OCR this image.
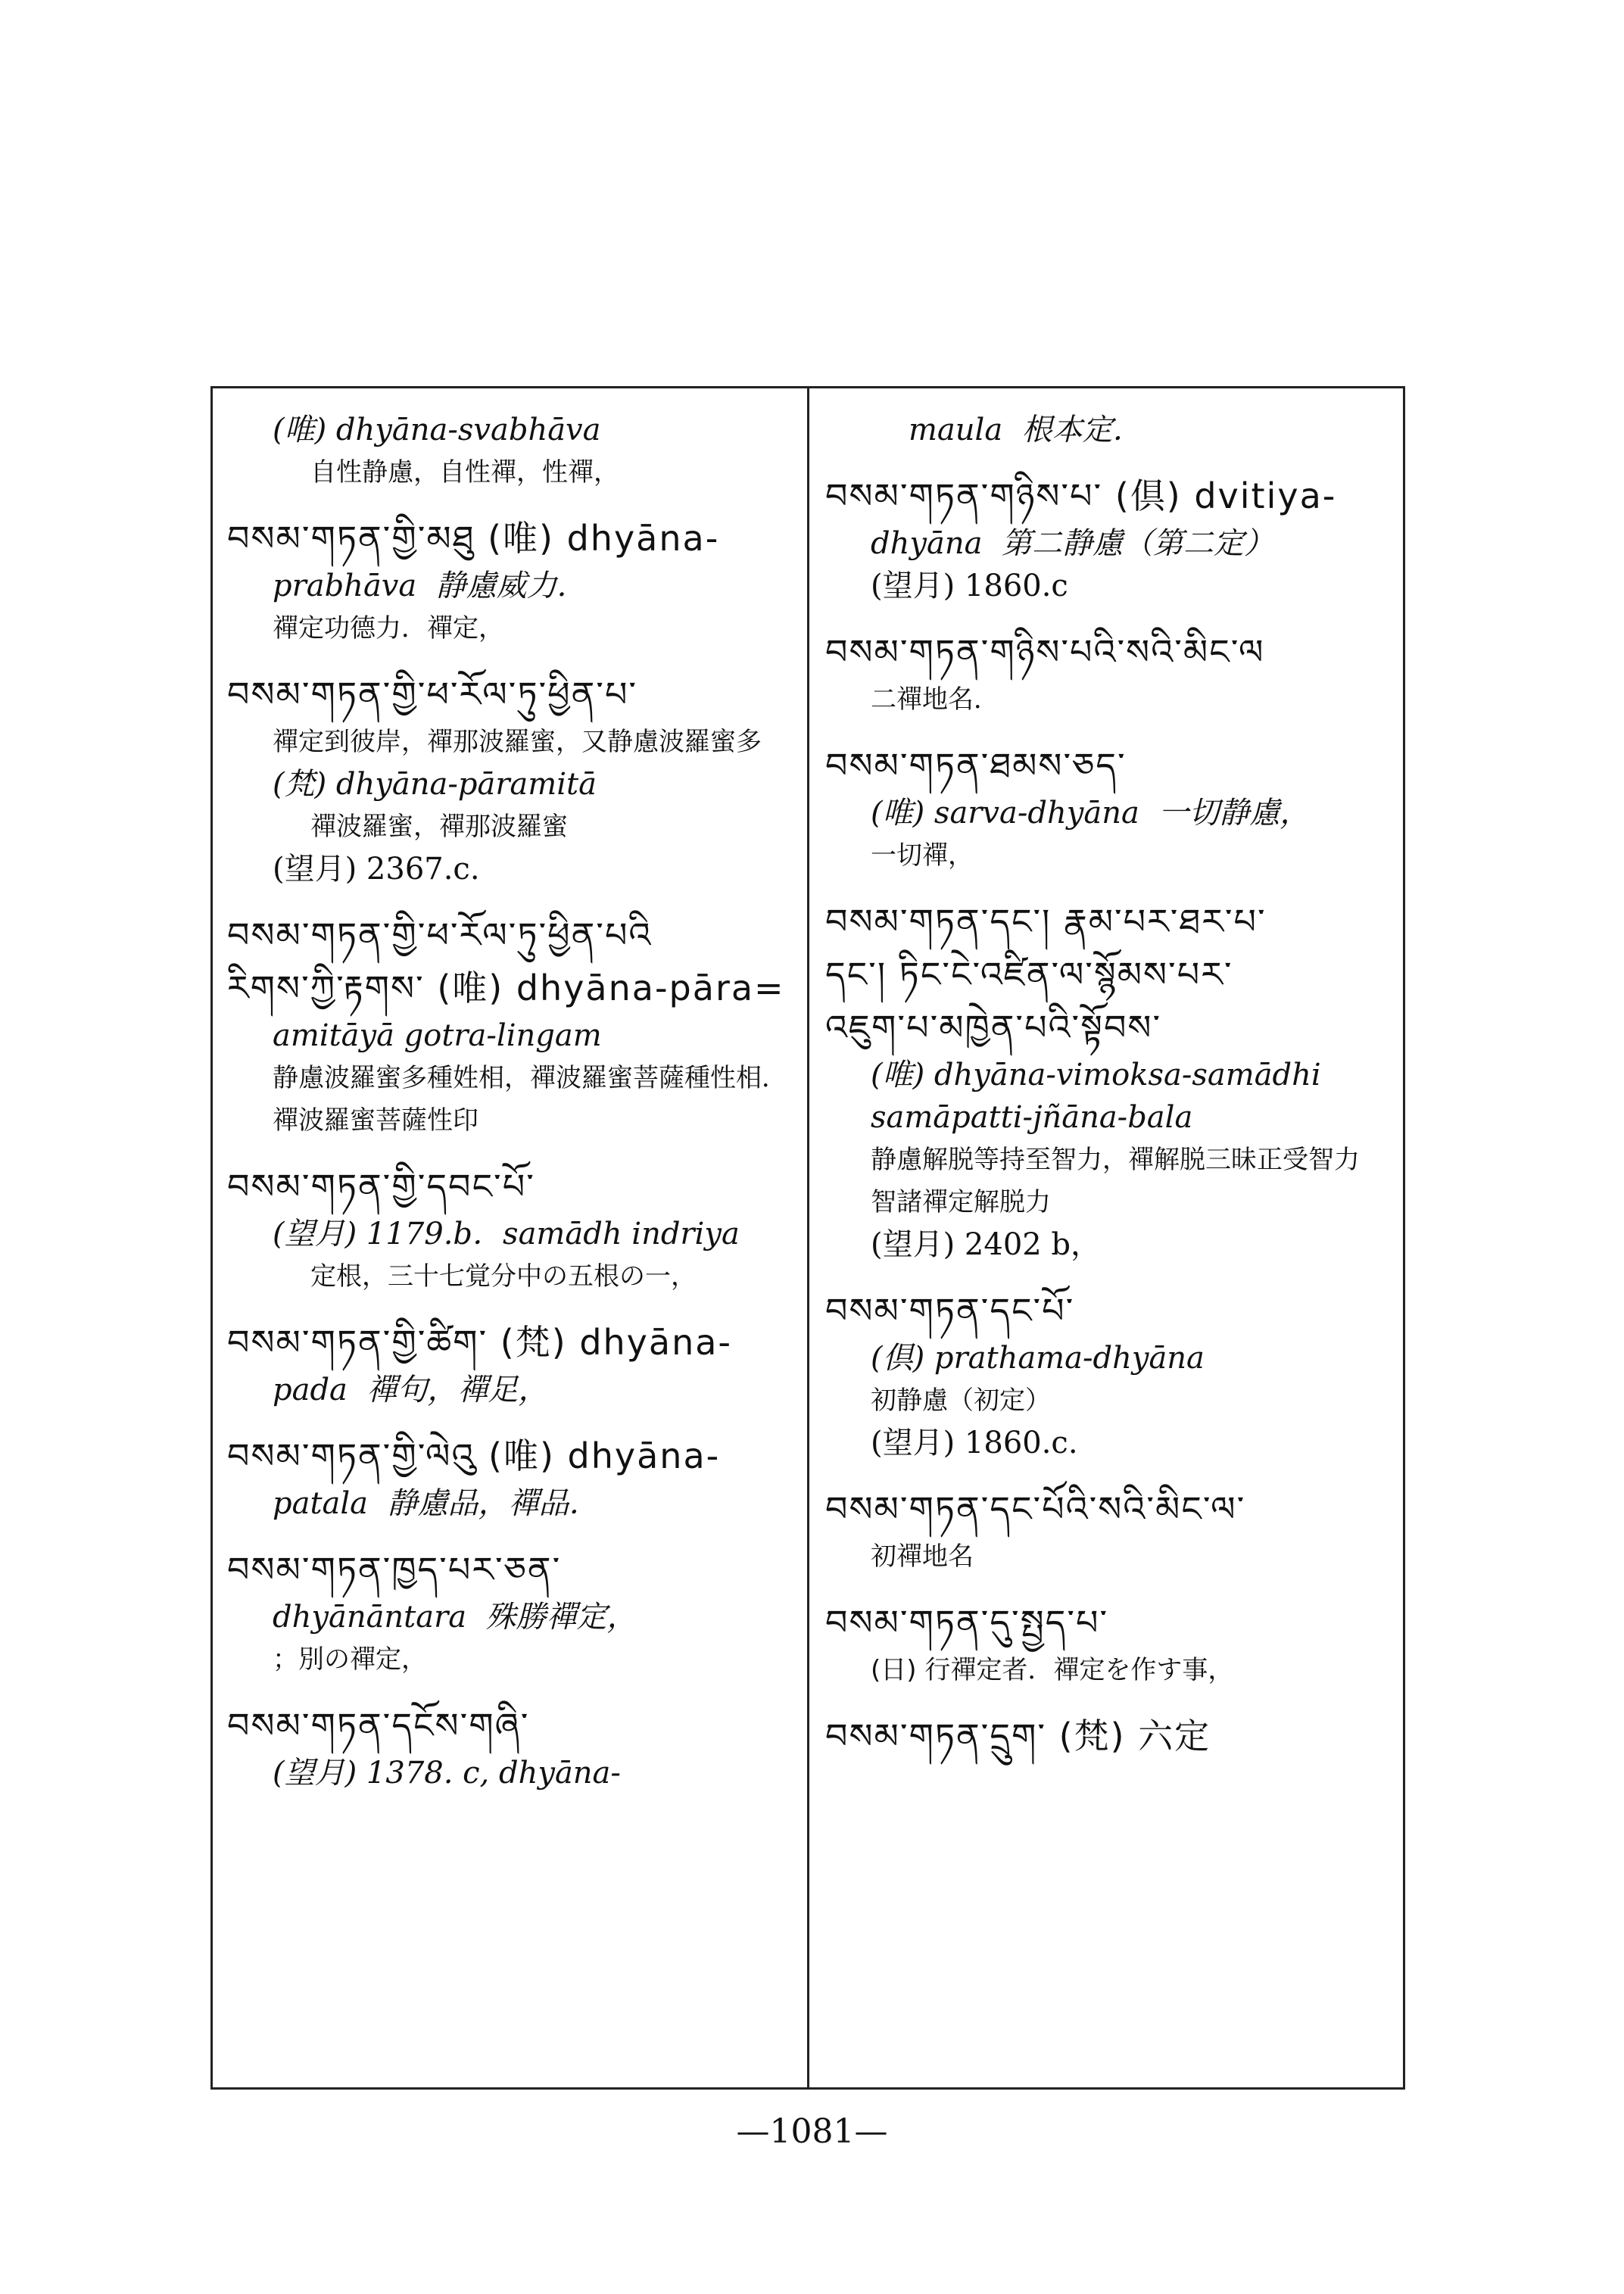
(唯) dhyāna-svabhāva
自性静慮，自性禪，性禪，
བསམ་གཏན་གྱི་མཐུ (唯) dhyāna-
prabhāva  静慮威力.
禪定功德力．禪定，
བསམ་གཏན་གྱི་ཕ་རོལ་ཏུ་ཕྱིན་པ་
禪定到彼岸，禪那波羅蜜，又静慮波羅蜜多
(梵) dhyāna-pāramitā
禪波羅蜜，禪那波羅蜜
(望月) 2367.c.
བསམ་གཏན་གྱི་ཕ་རོལ་ཏུ་ཕྱིན་པའི
རིགས་ཀྱི་རྟགས་ (唯) dhyāna-pāra=
amitāyā gotra-lingam
静慮波羅蜜多種姓相，禪波羅蜜菩薩種性相．
禪波羅蜜菩薩性印
བསམ་གཏན་གྱི་དབང་པོ་
(望月) 1179.b．samādh indriya
定根，三十七覚分中の五根の一，
བསམ་གཏན་གྱི་ཚིག་ (梵) dhyāna-
pada  禪句，禪足，
བསམ་གཏན་གྱི་ལེའུ (唯) dhyāna-
patala  静慮品，禪品．
བསམ་གཏན་ཁྱད་པར་ཅན་
dhyānāntara  殊勝禪定，
；別の禪定，
བསམ་གཏན་དངོས་གཞི་
(望月) 1378. c, dhyāna-
maula  根本定．
བསམ་གཏན་གཉིས་པ་ (倶) dvitiya-
dhyāna  第二静慮（第二定）
(望月) 1860.c
བསམ་གཏན་གཉིས་པའི་སའི་མིང་ལ
二禪地名．
བསམ་གཏན་ཐམས་ཅད་
(唯) sarva-dhyāna  一切静慮，
一切禪，
བསམ་གཏན་དང་། རྣམ་པར་ཐར་པ་
དང་། ཏིང་ངེ་འཛིན་ལ་སྙོམས་པར་
འཇུག་པ་མཁྱེན་པའི་སྟོབས་
(唯) dhyāna-vimoksa-samādhi
samāpatti-jñāna-bala
静慮解脱等持至智力，禪解脱三昧正受智力
智諸禪定解脱力
(望月) 2402 b，
བསམ་གཏན་དང་པོ་
(倶) prathama-dhyāna
初静慮（初定）
(望月) 1860.c.
བསམ་གཏན་དང་པོའི་སའི་མིང་ལ་
初禪地名
བསམ་གཏན་དུ་སྤྱད་པ་
(日) 行禪定者．禪定を作す事，
བསམ་གཏན་དྲུག་ (梵) 六定
—1081—
